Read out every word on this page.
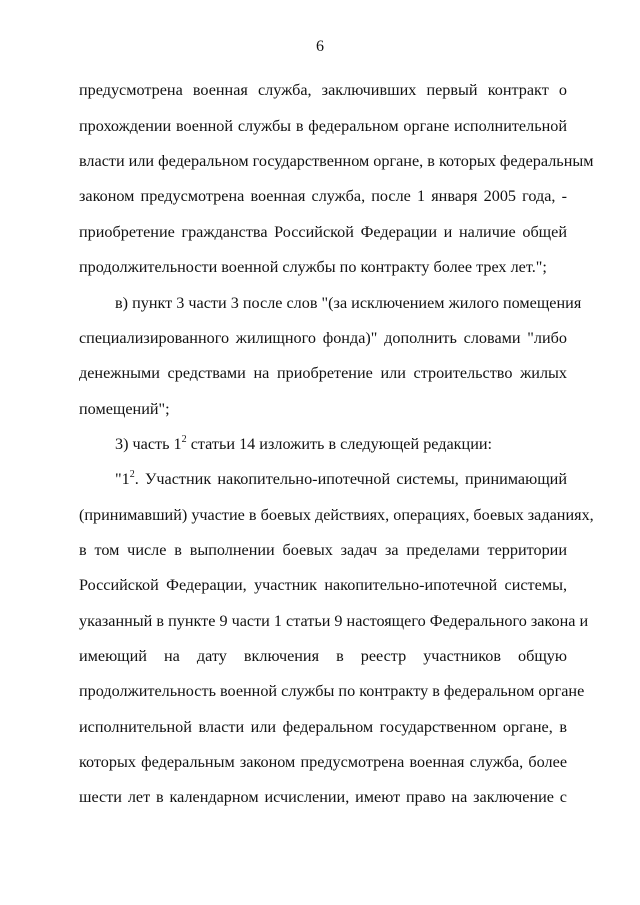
6
предусмотрена военная служба, заключивших первый контракт о
прохождении военной службы в федеральном органе исполнительной
власти или федеральном государственном органе, в которых федеральным
законом предусмотрена военная служба, после 1 января 2005 года, -
приобретение гражданства Российской Федерации и наличие общей
продолжительности военной службы по контракту более трех лет.";
в) пункт 3 части 3 после слов "(за исключением жилого помещения
специализированного жилищного фонда)" дополнить словами "либо
денежными средствами на приобретение или строительство жилых
помещений";
3) часть $1^2$ статьи 14 изложить в следующей редакции:
"$1^2$. Участник накопительно-ипотечной системы, принимающий
(принимавший) участие в боевых действиях, операциях, боевых заданиях,
в том числе в выполнении боевых задач за пределами территории
Российской Федерации, участник накопительно-ипотечной системы,
указанный в пункте 9 части 1 статьи 9 настоящего Федерального закона и
имеющий на дату включения в реестр участников общую
продолжительность военной службы по контракту в федеральном органе
исполнительной власти или федеральном государственном органе, в
которых федеральным законом предусмотрена военная служба, более
шести лет в календарном исчислении, имеют право на заключение с
